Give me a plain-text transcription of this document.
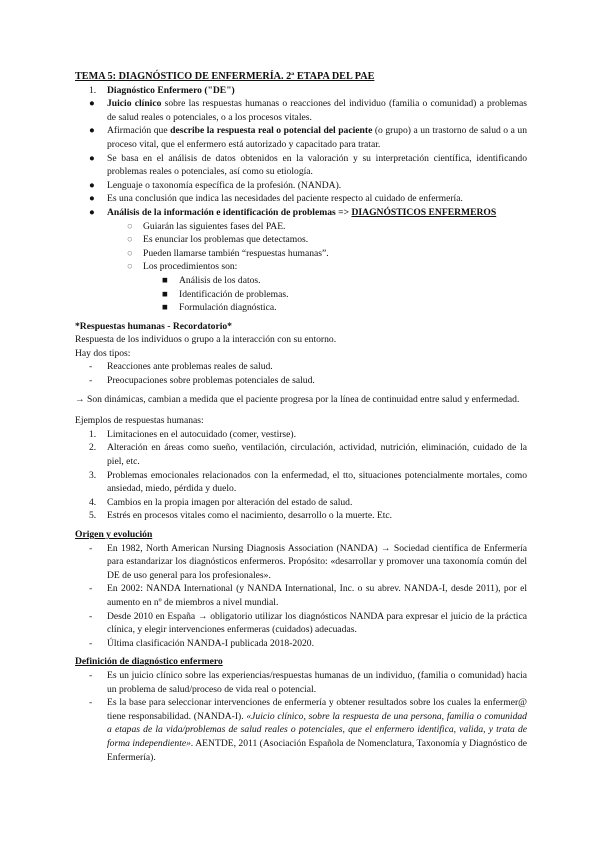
TEMA 5: DIAGNÓSTICO DE ENFERMERÍA. 2ª ETAPA DEL PAE

1. Diagnóstico Enfermero ("DE")
● Juicio clínico sobre las respuestas humanas o reacciones del individuo (familia o comunidad) a problemas de salud reales o potenciales, o a los procesos vitales.
● Afirmación que describe la respuesta real o potencial del paciente (o grupo) a un trastorno de salud o a un proceso vital, que el enfermero está autorizado y capacitado para tratar.
● Se basa en el análisis de datos obtenidos en la valoración y su interpretación científica, identificando problemas reales o potenciales, así como su etiología.
● Lenguaje o taxonomía específica de la profesión. (NANDA).
● Es una conclusión que indica las necesidades del paciente respecto al cuidado de enfermería.
● Análisis de la información e identificación de problemas => DIAGNÓSTICOS ENFERMEROS
○ Guiarán las siguientes fases del PAE.
○ Es enunciar los problemas que detectamos.
○ Pueden llamarse también “respuestas humanas”.
○ Los procedimientos son:
■ Análisis de los datos.
■ Identificación de problemas.
■ Formulación diagnóstica.

*Respuestas humanas - Recordatorio*

Respuesta de los individuos o grupo a la interacción con su entorno.

Hay dos tipos:

- Reacciones ante problemas reales de salud.
- Preocupaciones sobre problemas potenciales de salud.

→ Son dinámicas, cambian a medida que el paciente progresa por la línea de continuidad entre salud y enfermedad.

Ejemplos de respuestas humanas:

1. Limitaciones en el autocuidado (comer, vestirse).
2. Alteración en áreas como sueño, ventilación, circulación, actividad, nutrición, eliminación, cuidado de la piel, etc.
3. Problemas emocionales relacionados con la enfermedad, el tto, situaciones potencialmente mortales, como ansiedad, miedo, pérdida y duelo.
4. Cambios en la propia imagen por alteración del estado de salud.
5. Estrés en procesos vitales como el nacimiento, desarrollo o la muerte. Etc.

Origen y evolución

- En 1982, North American Nursing Diagnosis Association (NANDA) → Sociedad científica de Enfermería para estandarizar los diagnósticos enfermeros. Propósito: «desarrollar y promover una taxonomía común del DE de uso general para los profesionales».
- En 2002: NANDA International (y NANDA International, Inc. o su abrev. NANDA-I, desde 2011), por el aumento en nº de miembros a nivel mundial.
- Desde 2010 en España → obligatorio utilizar los diagnósticos NANDA para expresar el juicio de la práctica clínica, y elegir intervenciones enfermeras (cuidados) adecuadas.
- Última clasificación NANDA-I publicada 2018-2020.

Definición de diagnóstico enfermero

- Es un juicio clínico sobre las experiencias/respuestas humanas de un individuo, (familia o comunidad) hacia un problema de salud/proceso de vida real o potencial.
- Es la base para seleccionar intervenciones de enfermería y obtener resultados sobre los cuales la enfermer@ tiene responsabilidad. (NANDA-I). «Juicio clínico, sobre la respuesta de una persona, familia o comunidad a etapas de la vida/problemas de salud reales o potenciales, que el enfermero identifica, valida, y trata de forma independiente». AENTDE, 2011 (Asociación Española de Nomenclatura, Taxonomía y Diagnóstico de Enfermería).
